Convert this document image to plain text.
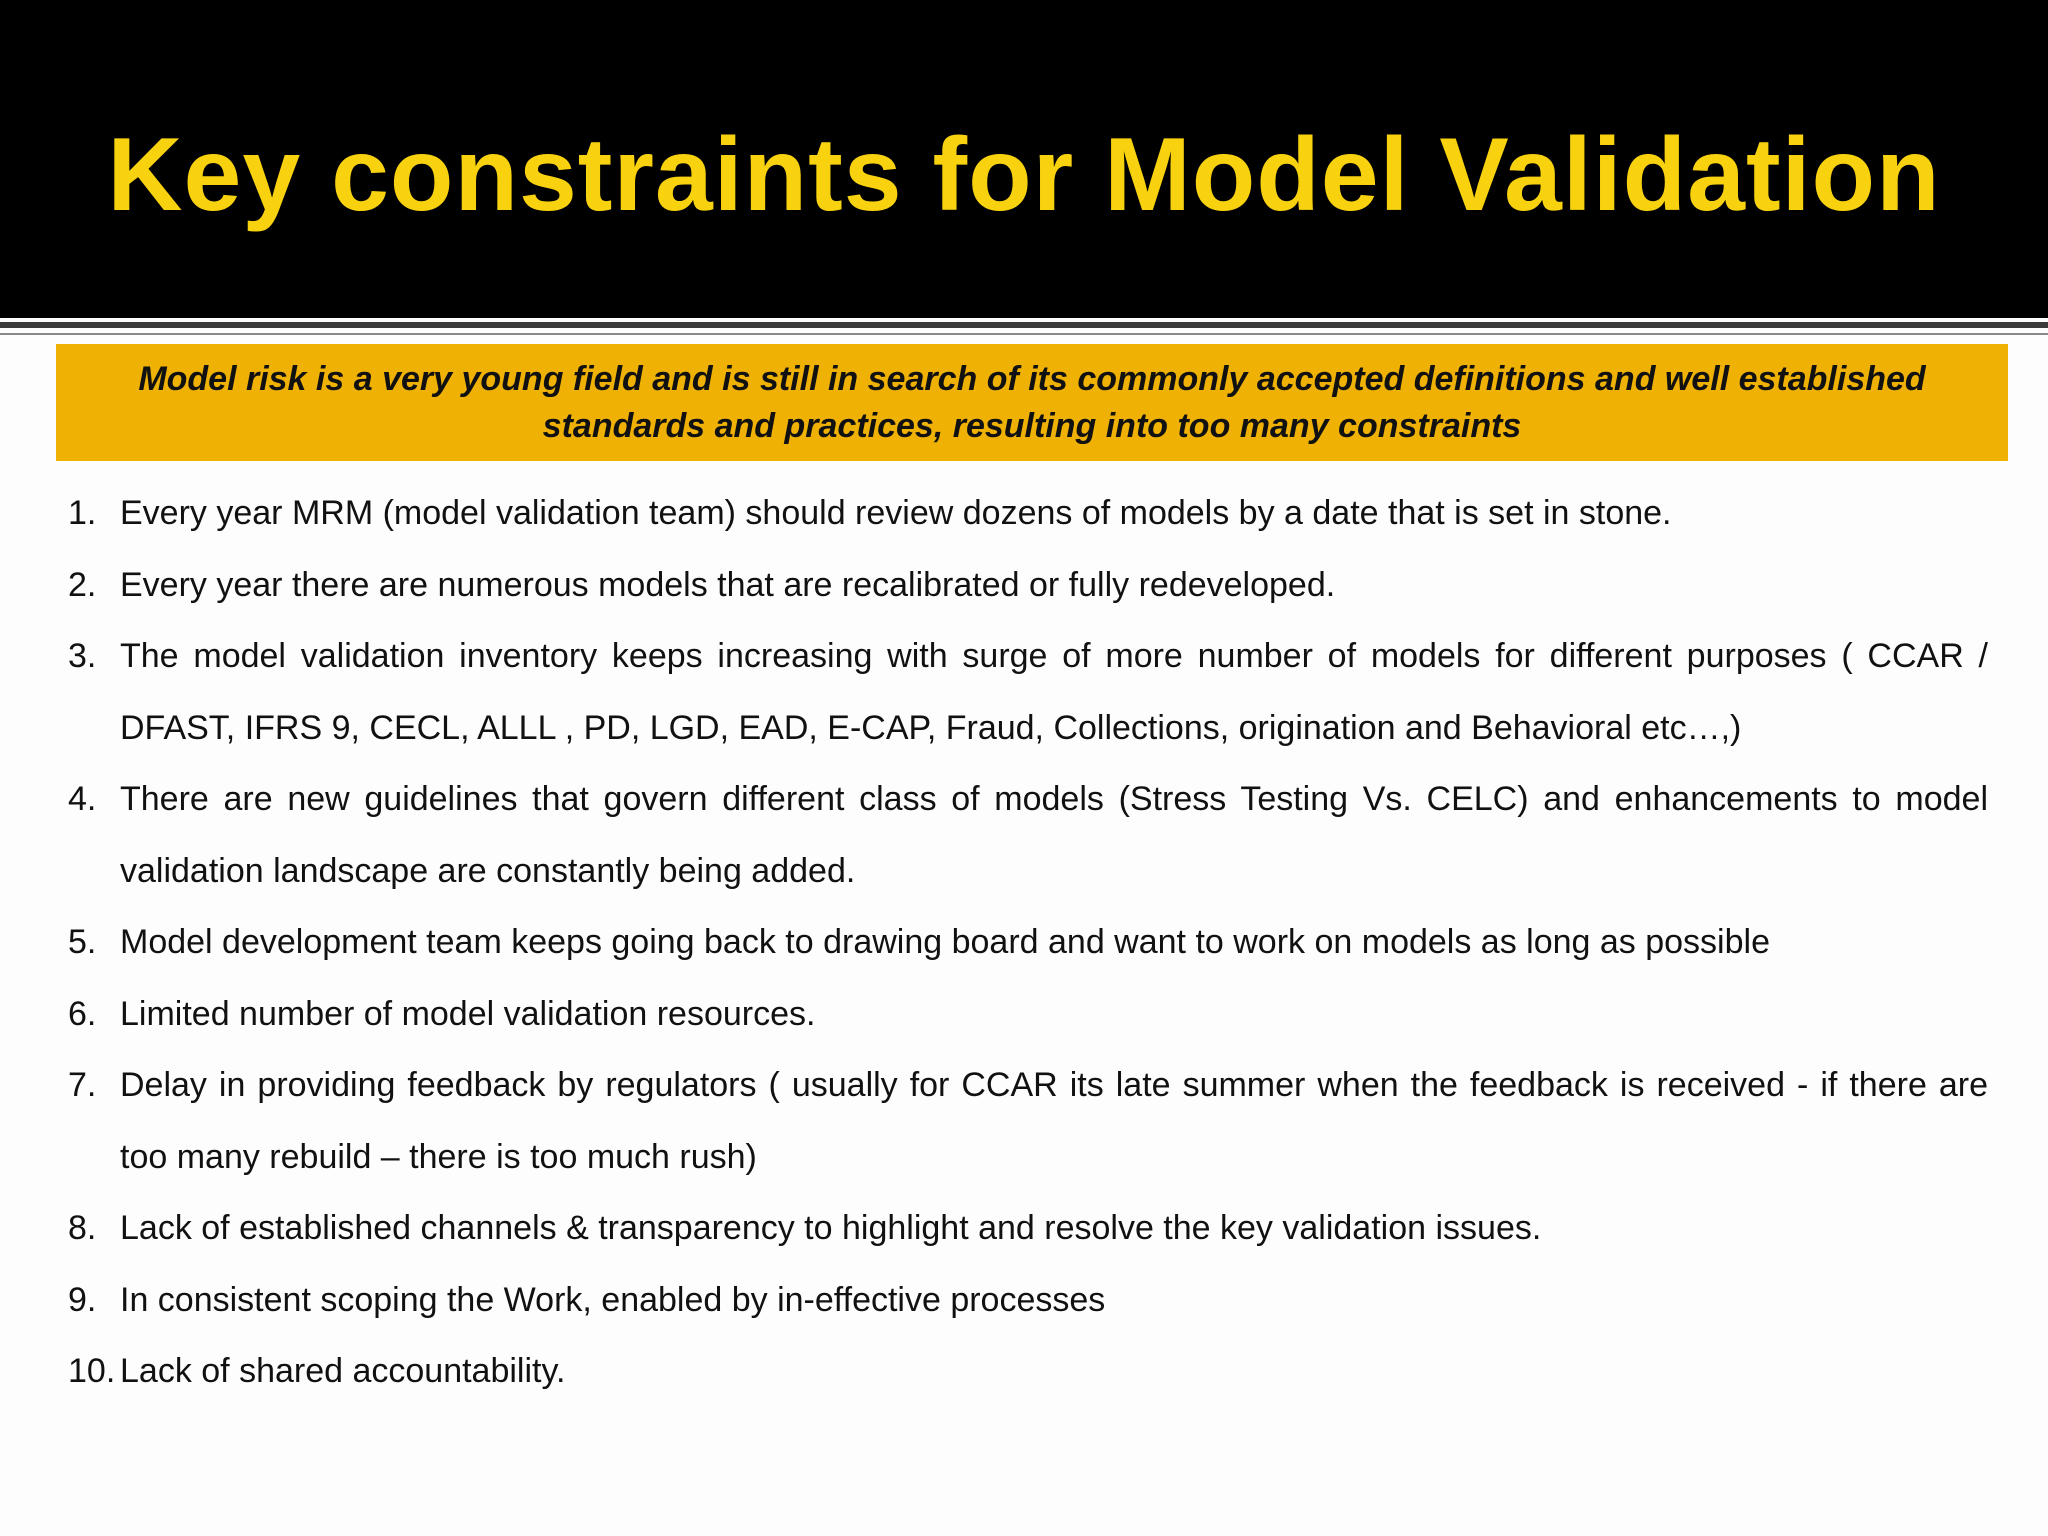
Key constraints for Model Validation
Model risk is a very young field and is still in search of its commonly accepted definitions and well established standards and practices, resulting into too many constraints
1. Every year MRM (model validation team) should review dozens of models by a date that is set in stone.
2. Every year there are numerous models that are recalibrated or fully redeveloped.
3. The model validation inventory keeps increasing with surge of more number of models for different purposes ( CCAR / DFAST, IFRS 9, CECL, ALLL , PD, LGD, EAD, E-CAP, Fraud, Collections, origination and Behavioral etc…,)
4. There are new guidelines that govern different class of models (Stress Testing Vs. CELC) and enhancements to model validation landscape are constantly being added.
5. Model development team keeps going back to drawing board and want to work on models as long as possible
6. Limited number of model validation resources.
7. Delay in providing feedback by regulators ( usually for CCAR its late summer when the feedback is received - if there are too many rebuild – there is too much rush)
8. Lack of established channels & transparency to highlight and resolve the key validation issues.
9. In consistent scoping the Work, enabled by in-effective processes
10. Lack of shared accountability.
